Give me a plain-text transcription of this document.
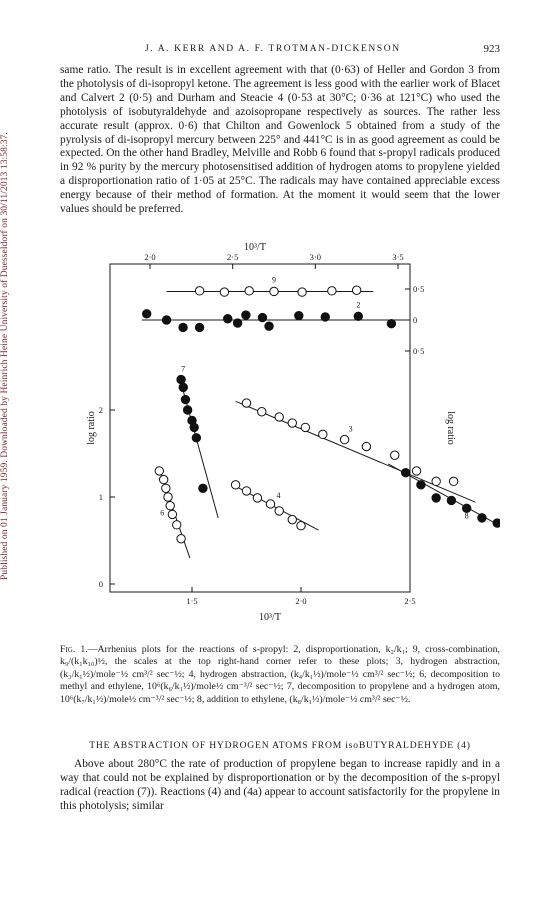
Published on 01 January 1959. Downloaded by Heinrich Heine University of Duesseldorf on 30/11/2013 13:58:37.
J. A. KERR AND A. F. TROTMAN-DICKENSON	923

same ratio. The result is in excellent agreement with that (0·63) of Heller and Gordon 3 from the photolysis of di-isopropyl ketone. The agreement is less good with the earlier work of Blacet and Calvert 2 (0·5) and Durham and Steacie 4 (0·53 at 30°C; 0·36 at 121°C) who used the photolysis of isobutyraldehyde and azoisopropane respectively as sources. The rather less accurate result (approx. 0·6) that Chilton and Gowenlock 5 obtained from a study of the pyrolysis of di-isopropyl mercury between 225° and 441°C is in as good agreement as could be expected. On the other hand Bradley, Melville and Robb 6 found that s-propyl radicals produced in 92 % purity by the mercury photosensitised addition of hydrogen atoms to propylene yielded a disproportionation ratio of 1·05 at 25°C. The radicals may have contained appreciable excess energy because of their method of formation. At the moment it would seem that the lower values should be preferred.

2·0	2·5	3·0	3·5
10³/T
1·5	2·0	2·5
10³/T
0
1
2
log ratio
0·5
0
0·5
log ratio
9
2
7
3
4
6	8

Fig. 1.—Arrhenius plots for the reactions of s-propyl: 2, disproportionation, k₂/k₁; 9, cross-combination, k₉/(k₁k₁₀)½, the scales at the top right-hand corner refer to these plots; 3, hydrogen abstraction, (k₃/k₁½)/mole⁻½ cm³/² sec⁻½; 4, hydrogen abstraction, (k₄/k₁½)/mole⁻½ cm³/² sec⁻½; 6, decomposition to methyl and ethylene, 10⁶(k₆/k₁½)/mole½ cm⁻³/² sec⁻½; 7, decomposition to propylene and a hydrogen atom, 10⁶(k₇/k₁½)/mole½ cm⁻³/² sec⁻½; 8, addition to ethylene, (k₈/k₁½)/mole⁻½ cm³/² sec⁻½.

THE ABSTRACTION OF HYDROGEN ATOMS FROM isoBUTYRALDEHYDE (4)

Above about 280°C the rate of production of propylene began to increase rapidly and in a way that could not be explained by disproportionation or by the decomposition of the s-propyl radical (reaction (7)). Reactions (4) and (4a) appear to account satisfactorily for the propylene in this photolysis; similar
